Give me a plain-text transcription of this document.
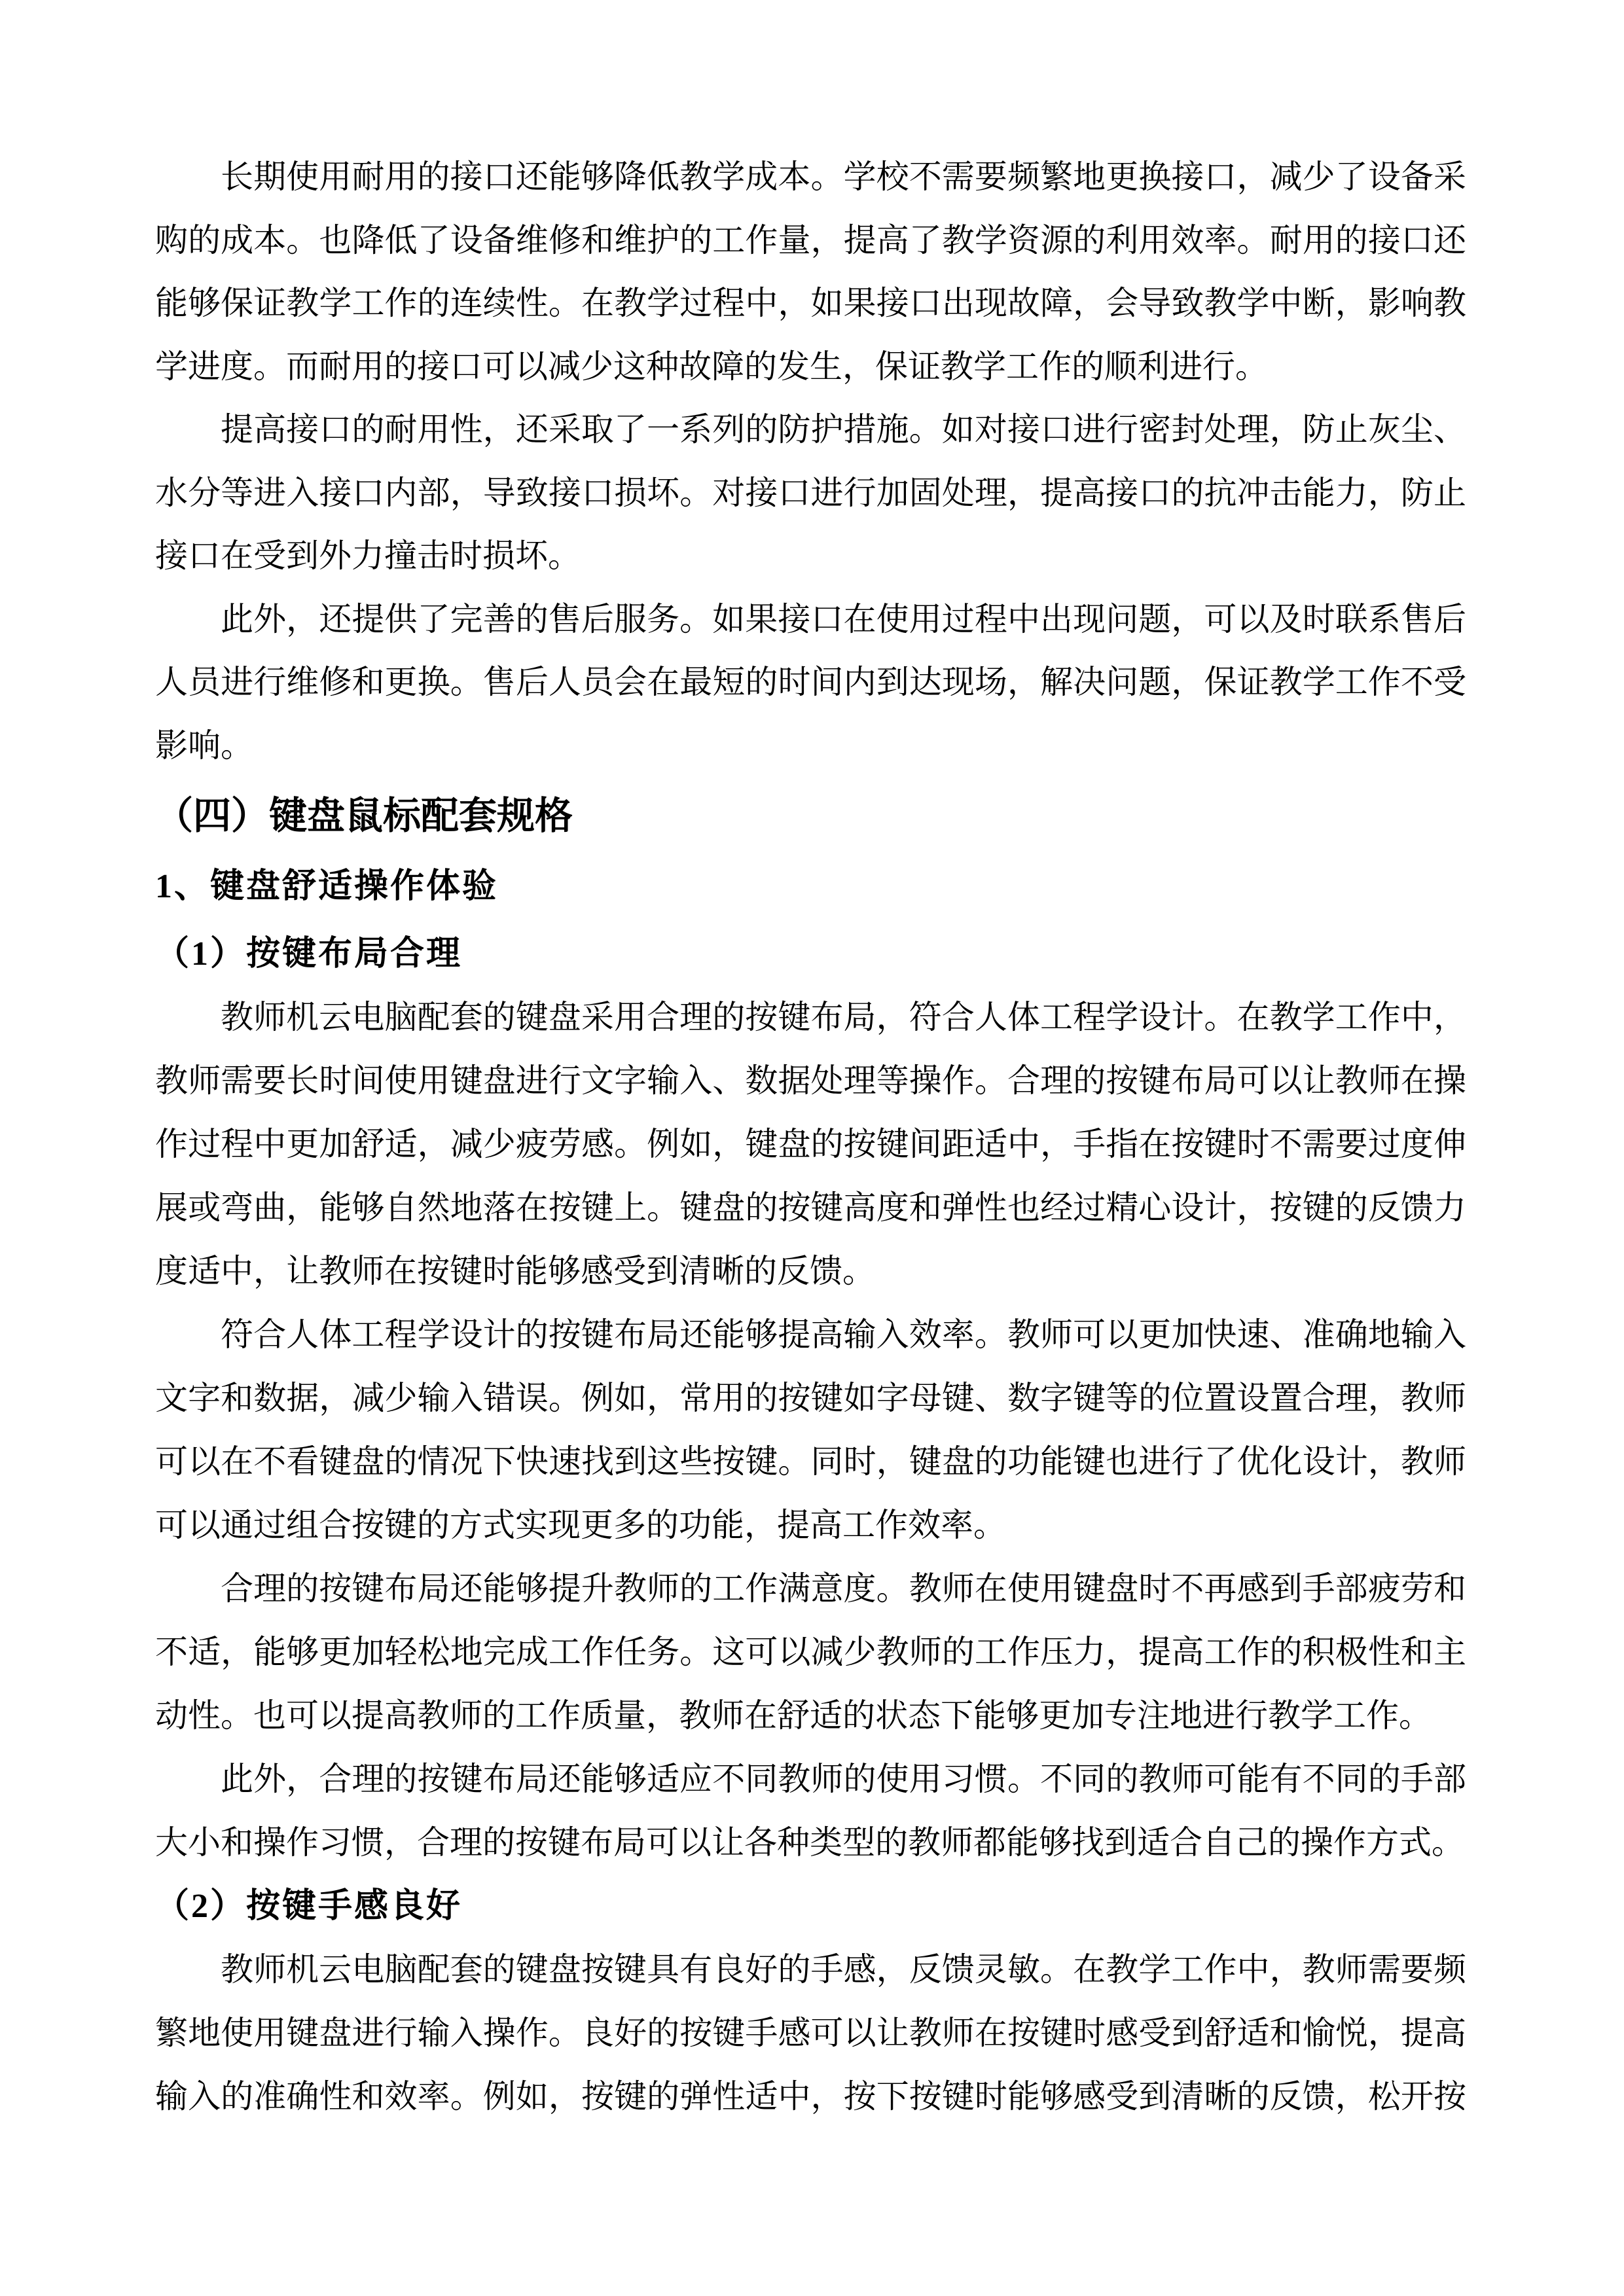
长期使用耐用的接口还能够降低教学成本。学校不需要频繁地更换接口，减少了设备采
购的成本。也降低了设备维修和维护的工作量，提高了教学资源的利用效率。耐用的接口还
能够保证教学工作的连续性。在教学过程中，如果接口出现故障，会导致教学中断，影响教
学进度。而耐用的接口可以减少这种故障的发生，保证教学工作的顺利进行。
提高接口的耐用性，还采取了一系列的防护措施。如对接口进行密封处理，防止灰尘、
水分等进入接口内部，导致接口损坏。对接口进行加固处理，提高接口的抗冲击能力，防止
接口在受到外力撞击时损坏。
此外，还提供了完善的售后服务。如果接口在使用过程中出现问题，可以及时联系售后
人员进行维修和更换。售后人员会在最短的时间内到达现场，解决问题，保证教学工作不受
影响。
（四）键盘鼠标配套规格
1、键盘舒适操作体验
（1）按键布局合理
教师机云电脑配套的键盘采用合理的按键布局，符合人体工程学设计。在教学工作中，
教师需要长时间使用键盘进行文字输入、数据处理等操作。合理的按键布局可以让教师在操
作过程中更加舒适，减少疲劳感。例如，键盘的按键间距适中，手指在按键时不需要过度伸
展或弯曲，能够自然地落在按键上。键盘的按键高度和弹性也经过精心设计，按键的反馈力
度适中，让教师在按键时能够感受到清晰的反馈。
符合人体工程学设计的按键布局还能够提高输入效率。教师可以更加快速、准确地输入
文字和数据，减少输入错误。例如，常用的按键如字母键、数字键等的位置设置合理，教师
可以在不看键盘的情况下快速找到这些按键。同时，键盘的功能键也进行了优化设计，教师
可以通过组合按键的方式实现更多的功能，提高工作效率。
合理的按键布局还能够提升教师的工作满意度。教师在使用键盘时不再感到手部疲劳和
不适，能够更加轻松地完成工作任务。这可以减少教师的工作压力，提高工作的积极性和主
动性。也可以提高教师的工作质量，教师在舒适的状态下能够更加专注地进行教学工作。
此外，合理的按键布局还能够适应不同教师的使用习惯。不同的教师可能有不同的手部
大小和操作习惯，合理的按键布局可以让各种类型的教师都能够找到适合自己的操作方式。
（2）按键手感良好
教师机云电脑配套的键盘按键具有良好的手感，反馈灵敏。在教学工作中，教师需要频
繁地使用键盘进行输入操作。良好的按键手感可以让教师在按键时感受到舒适和愉悦，提高
输入的准确性和效率。例如，按键的弹性适中，按下按键时能够感受到清晰的反馈，松开按
